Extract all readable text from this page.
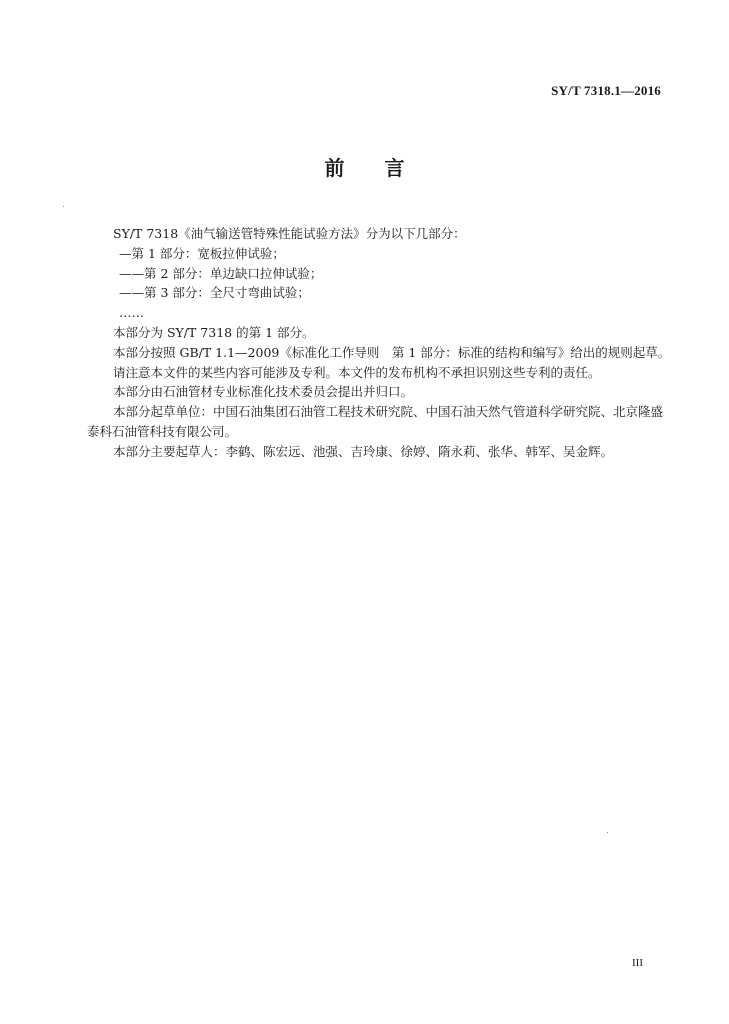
SY/T 7318.1—2016
前 言

SY/T 7318《油气输送管特殊性能试验方法》分为以下几部分：

—第 1 部分：宽板拉伸试验；

——第 2 部分：单边缺口拉伸试验；

——第 3 部分：全尺寸弯曲试验；

……

本部分为 SY/T 7318 的第 1 部分。

本部分按照 GB/T 1.1—2009《标准化工作导则　第 1 部分：标准的结构和编写》给出的规则起草。

请注意本文件的某些内容可能涉及专利。本文件的发布机构不承担识别这些专利的责任。

本部分由石油管材专业标准化技术委员会提出并归口。

本部分起草单位：中国石油集团石油管工程技术研究院、中国石油天然气管道科学研究院、北京隆盛泰科石油管科技有限公司。

本部分主要起草人：李鹤、陈宏远、池强、吉玲康、徐婷、隋永莉、张华、韩军、吴金辉。

III
